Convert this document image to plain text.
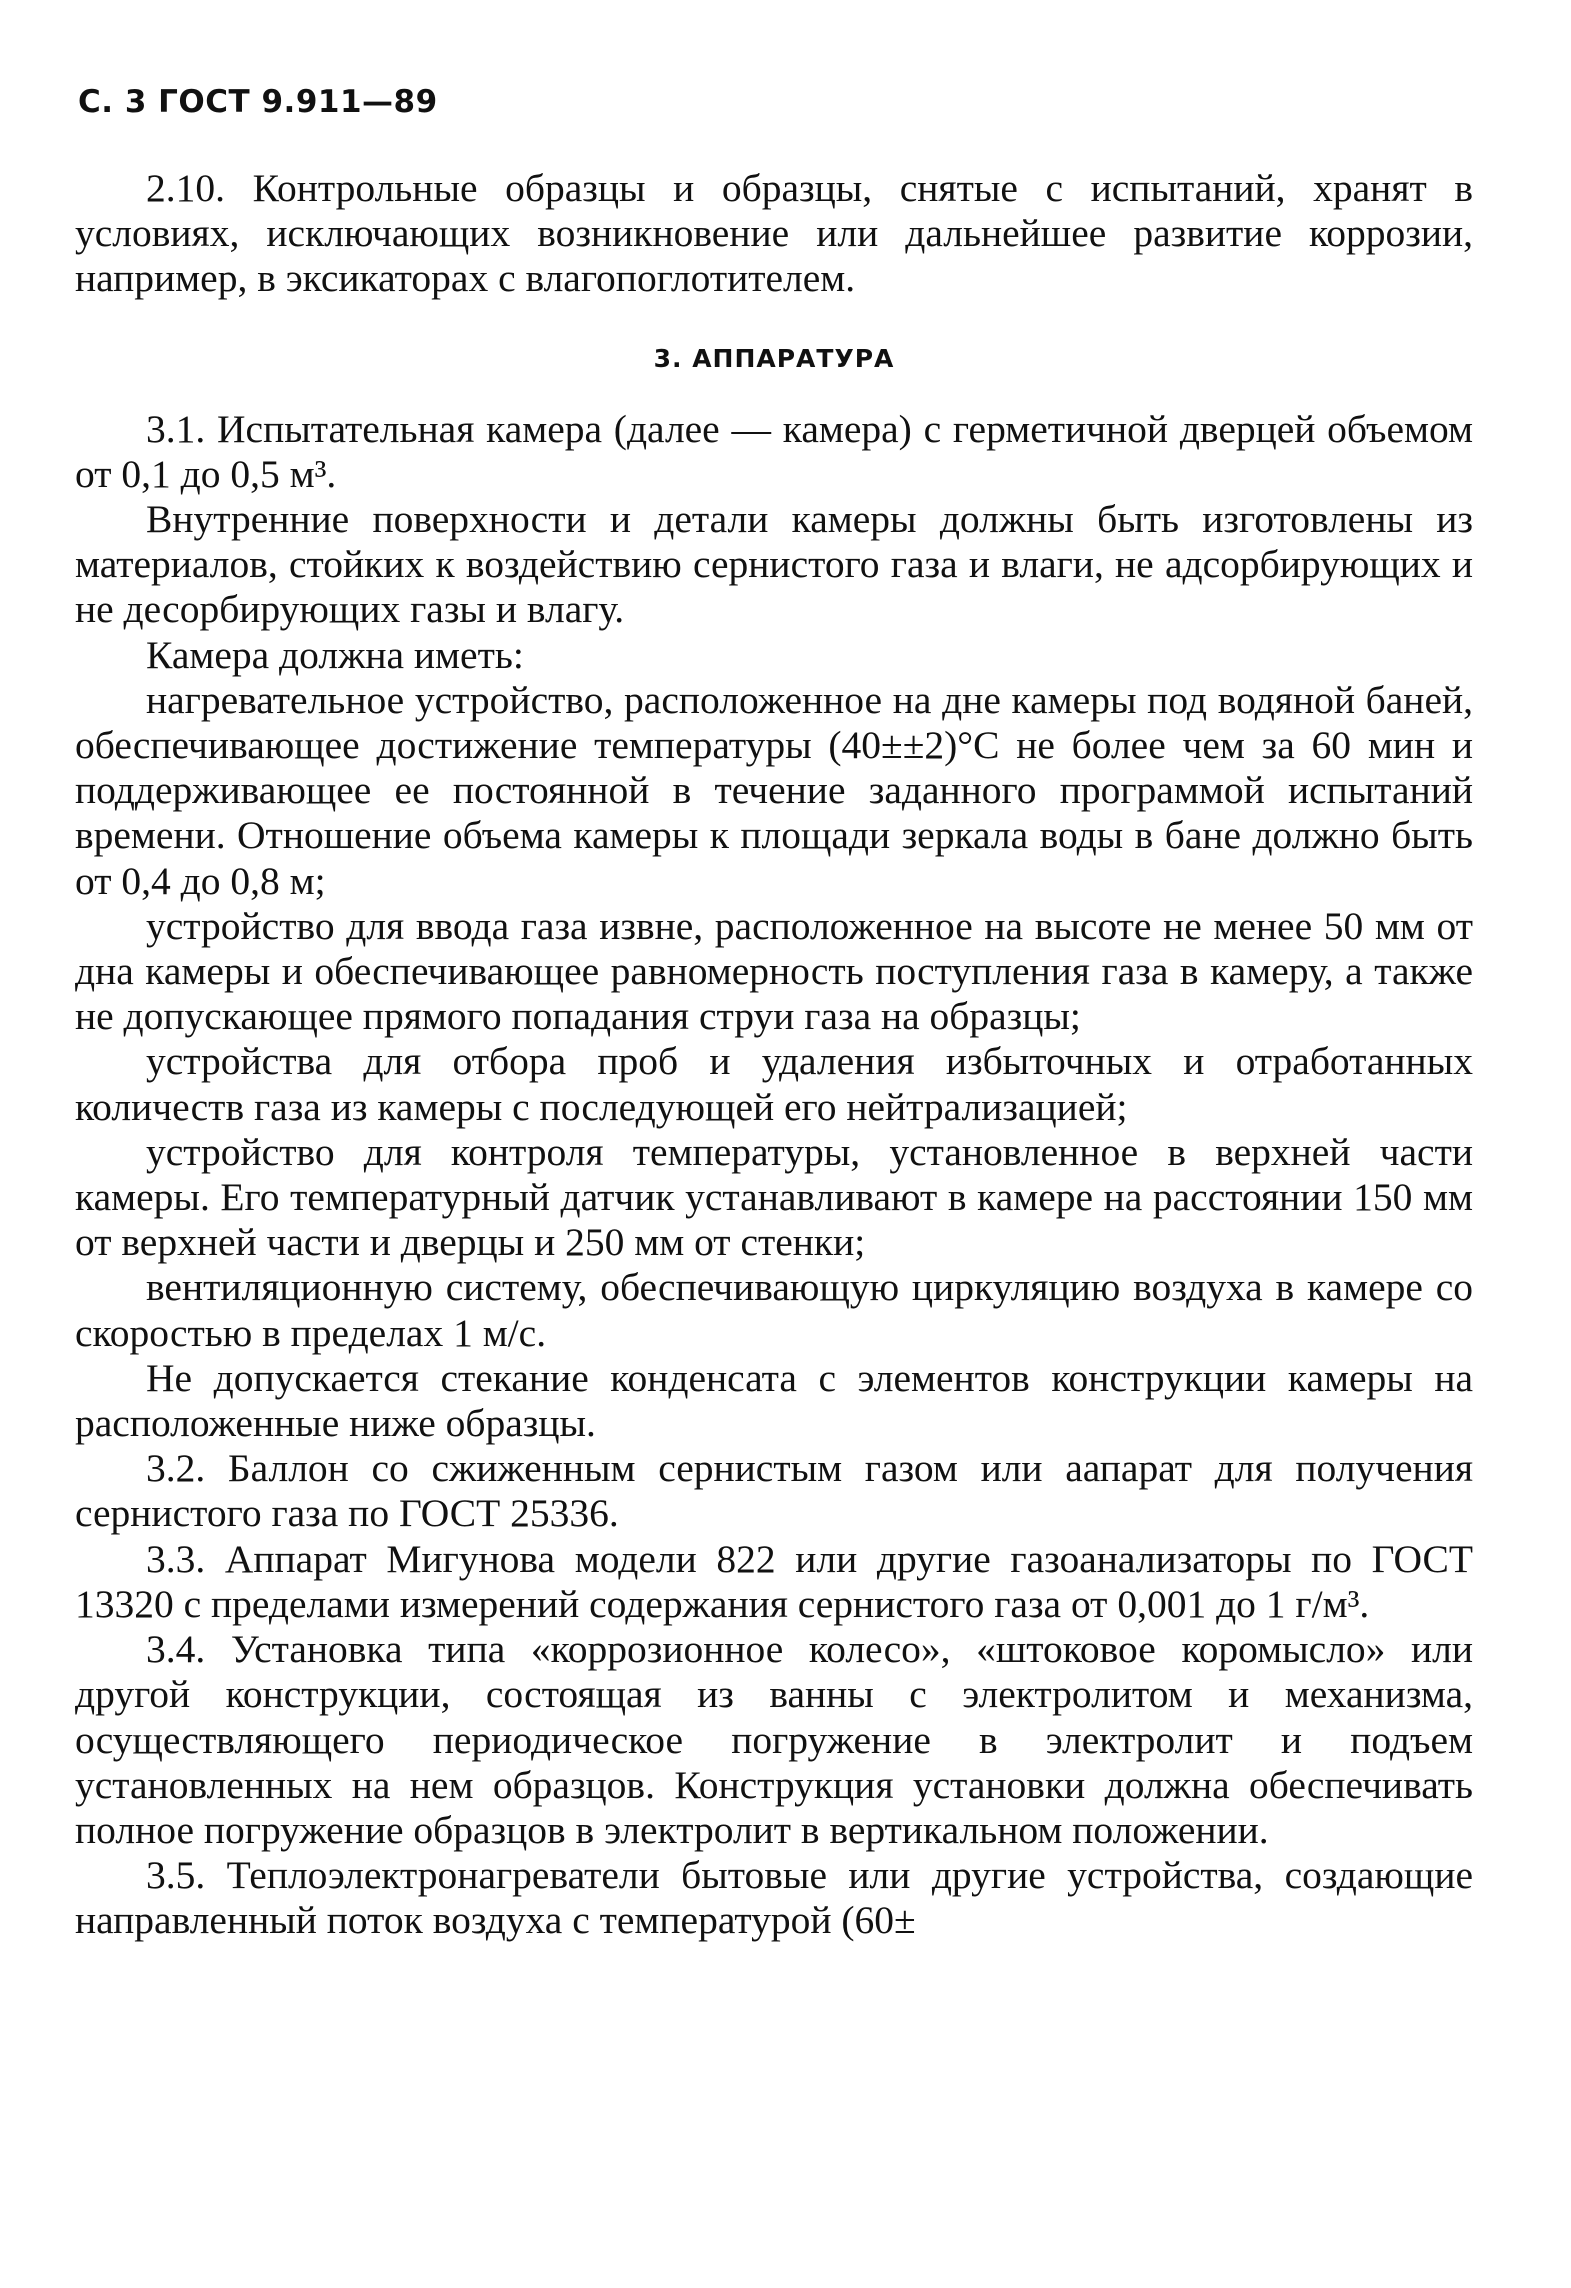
С. 3 ГОСТ 9.911—89

2.10. Контрольные образцы и образцы, снятые с испытаний, хранят в условиях, исключающих возникновение или дальнейшее развитие коррозии, например, в эксикаторах с влагопоглотителем.

3. АППАРАТУРА

3.1. Испытательная камера (далее — камера) с герметичной дверцей объемом от 0,1 до 0,5 м³.

Внутренние поверхности и детали камеры должны быть изготовлены из материалов, стойких к воздействию сернистого газа и влаги, не адсорбирующих и не десорбирующих газы и влагу.

Камера должна иметь:

нагревательное устройство, расположенное на дне камеры под водяной баней, обеспечивающее достижение температуры (40±±2)°С не более чем за 60 мин и поддерживающее ее постоянной в течение заданного программой испытаний времени. Отношение объема камеры к площади зеркала воды в бане должно быть от 0,4 до 0,8 м;

устройство для ввода газа извне, расположенное на высоте не менее 50 мм от дна камеры и обеспечивающее равномерность поступления газа в камеру, а также не допускающее прямого попадания струи газа на образцы;

устройства для отбора проб и удаления избыточных и отработанных количеств газа из камеры с последующей его нейтрализацией;

устройство для контроля температуры, установленное в верхней части камеры. Его температурный датчик устанавливают в камере на расстоянии 150 мм от верхней части и дверцы и 250 мм от стенки;

вентиляционную систему, обеспечивающую циркуляцию воздуха в камере со скоростью в пределах 1 м/с.

Не допускается стекание конденсата с элементов конструкции камеры на расположенные ниже образцы.

3.2. Баллон со сжиженным сернистым газом или аапарат для получения сернистого газа по ГОСТ 25336.

3.3. Аппарат Мигунова модели 822 или другие газоанализаторы по ГОСТ 13320 с пределами измерений содержания сернистого газа от 0,001 до 1 г/м³.

3.4. Установка типа «коррозионное колесо», «штоковое коромысло» или другой конструкции, состоящая из ванны с электролитом и механизма, осуществляющего периодическое погружение в электролит и подъем установленных на нем образцов. Конструкция установки должна обеспечивать полное погружение образцов в электролит в вертикальном положении.

3.5. Теплоэлектронагреватели бытовые или другие устройства, создающие направленный поток воздуха с температурой (60±
